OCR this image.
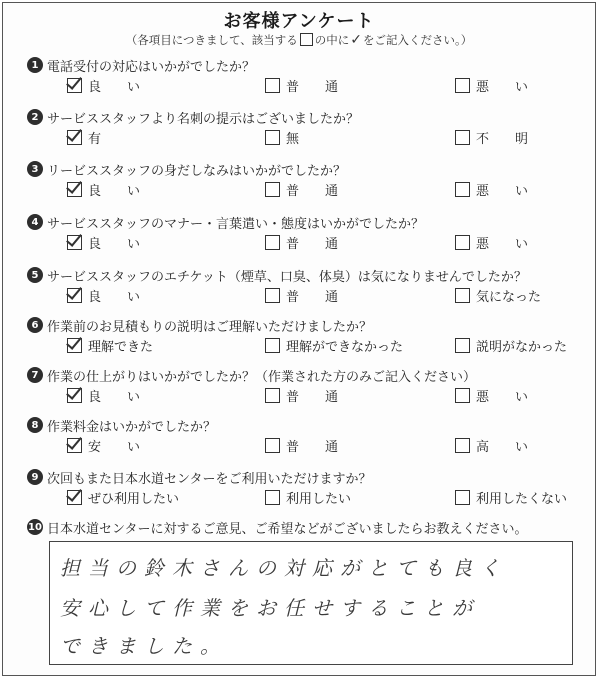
お客様アンケート
（各項目につきまして、該当する の中に✓をご記入ください。）
1 電話受付の対応はいかがでしたか？
良　　い	普　　通	悪　　い
2 サービススタッフより名刺の提示はございましたか？
有	無	不　　明
3 リービススタッフの身だしなみはいかがでしたか？
良　　い	普　　通	悪　　い
4 サービススタッフのマナー・言葉遣い・態度はいかがでしたか？
良　　い	普　　通	悪　　い
5 サービススタッフのエチケット（煙草、口臭、体臭）は気になりませんでしたか？
良　　い	普　　通	気になった
6 作業前のお見積もりの説明はご理解いただけましたか？
理解できた	理解ができなかった	説明がなかった
7 作業の仕上がりはいかがでしたか？（作業された方のみご記入ください）
良　　い	普　　通	悪　　い
8 作業料金はいかがでしたか？
安　　い	普　　通	高　　い
9 次回もまた日本水道センターをご利用いただけますか？
ぜひ利用したい	利用したい	利用したくない
10 日本水道センターに対するご意見、ご希望などがございましたらお教えください。
担当の鈴木さんの対応がとても良く
安心して作業をお任せすることが
できました。
